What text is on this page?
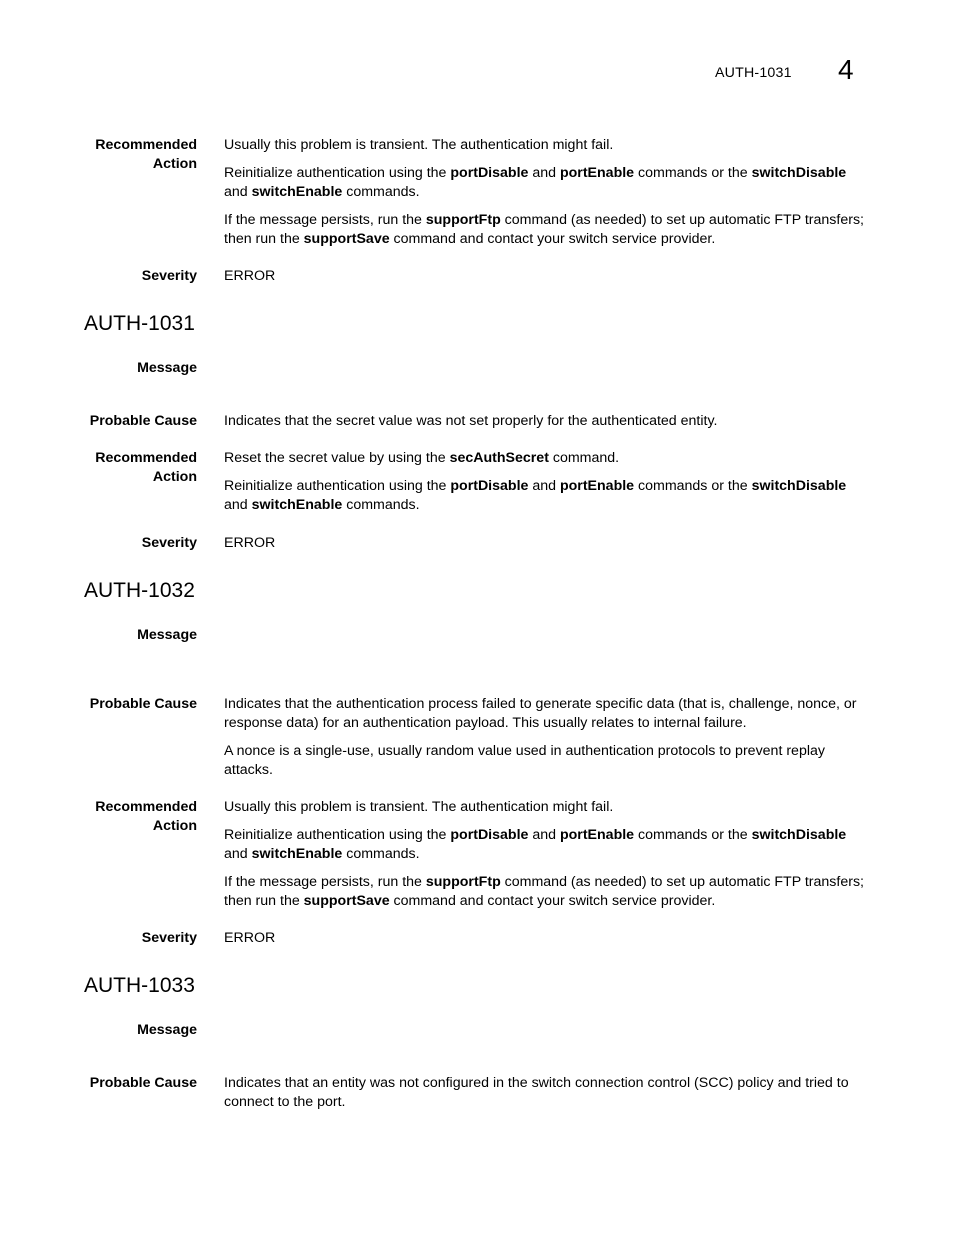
AUTH-1031 4
Recommended
Action

Usually this problem is transient. The authentication might fail.

Reinitialize authentication using the portDisable and portEnable commands or the switchDisable
and switchEnable commands.

If the message persists, run the supportFtp command (as needed) to set up automatic FTP transfers; then run the supportSave command and contact your switch service provider.

Severity ERROR
AUTH-1031
Message
Probable Cause Indicates that the secret value was not set properly for the authenticated entity.
Recommended
Action

Reset the secret value by using the secAuthSecret command.

Reinitialize authentication using the portDisable and portEnable commands or the switchDisable
and switchEnable commands.

Severity ERROR
AUTH-1032
Message
Probable Cause Indicates that the authentication process failed to generate specific data (that is, challenge, nonce, or response data) for an authentication payload. This usually relates to internal failure.

A nonce is a single-use, usually random value used in authentication protocols to prevent replay attacks.

Recommended
Action

Usually this problem is transient. The authentication might fail.

Reinitialize authentication using the portDisable and portEnable commands or the switchDisable
and switchEnable commands.

If the message persists, run the supportFtp command (as needed) to set up automatic FTP transfers; then run the supportSave command and contact your switch service provider.

Severity ERROR
AUTH-1033
Message
Probable Cause Indicates that an entity was not configured in the switch connection control (SCC) policy and tried to connect to the port.
